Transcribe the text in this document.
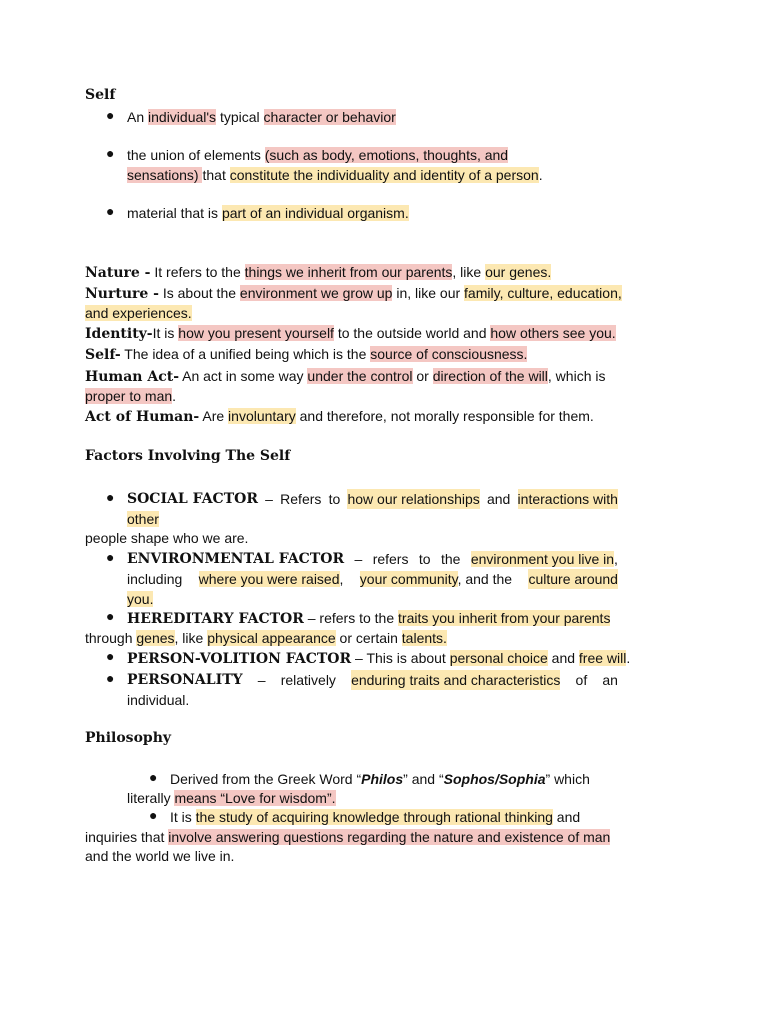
Self
● An individual's typical character or behavior
● the union of elements (such as body, emotions, thoughts, and
sensations) that constitute the individuality and identity of a person.
● material that is part of an individual organism.
Nature - It refers to the things we inherit from our parents, like our genes.
Nurture - Is about the environment we grow up in, like our family, culture, education,
and experiences.
Identity-It is how you present yourself to the outside world and how others see you.
Self- The idea of a unified being which is the source of consciousness.
Human Act- An act in some way under the control or direction of the will, which is
proper to man.
Act of Human- Are involuntary and therefore, not morally responsible for them.
Factors Involving The Self
● SOCIAL FACTOR – Refers to how our relationships and interactions with
other
people shape who we are.
● ENVIRONMENTAL FACTOR – refers to the environment you live in,
including where you were raised, your community, and the culture around
you.
● HEREDITARY FACTOR – refers to the traits you inherit from your parents
through genes, like physical appearance or certain talents.
● PERSON-VOLITION FACTOR – This is about personal choice and free will.
● PERSONALITY – relatively enduring traits and characteristics of an
individual.
Philosophy
● Derived from the Greek Word “Philos” and “Sophos/Sophia” which
literally means “Love for wisdom”.
● It is the study of acquiring knowledge through rational thinking and
inquiries that involve answering questions regarding the nature and existence of man
and the world we live in.
